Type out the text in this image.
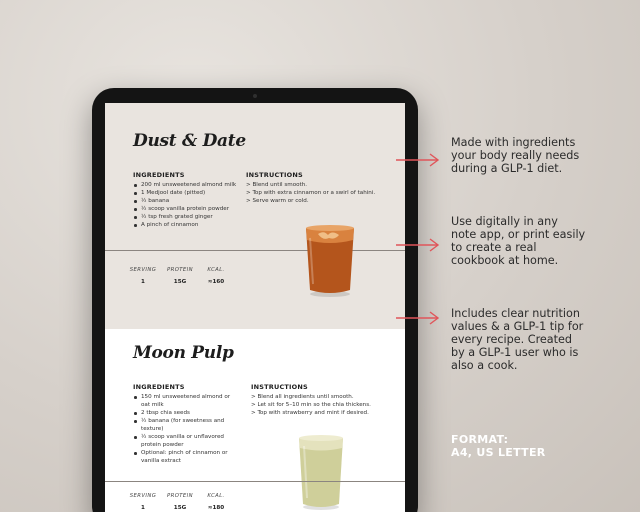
Dust & Date
INGREDIENTS	INSTRUCTIONS
200 ml unsweetened almond milk
1 Medjool date (pitted)
½ banana
½ scoop vanilla protein powder
½ tsp fresh grated ginger
A pinch of cinnamon
> Blend until smooth.
> Top with extra cinnamon or a swirl of tahini.
> Serve warm or cold.
SERVING
1
PROTEIN
15G
KCAL.
≈160
Moon Pulp
INGREDIENTS	INSTRUCTIONS
150 ml unsweetened almond or oat milk
2 tbsp chia seeds
½ banana (for sweetness and texture)
½ scoop vanilla or unflavored protein powder
Optional: pinch of cinnamon or vanilla extract
> Blend all ingredients until smooth.
> Let sit for 5–10 min so the chia thickens.
> Top with strawberry and mint if desired.
SERVING
1
PROTEIN
15G
KCAL.
≈180
Made with ingredients your body really needs during a GLP-1 diet.
Use digitally in any note app, or print easily to create a real cookbook at home.
Includes clear nutrition values & a GLP-1 tip for every recipe. Created by a GLP-1 user who is also a cook.
FORMAT:
A4, US LETTER
